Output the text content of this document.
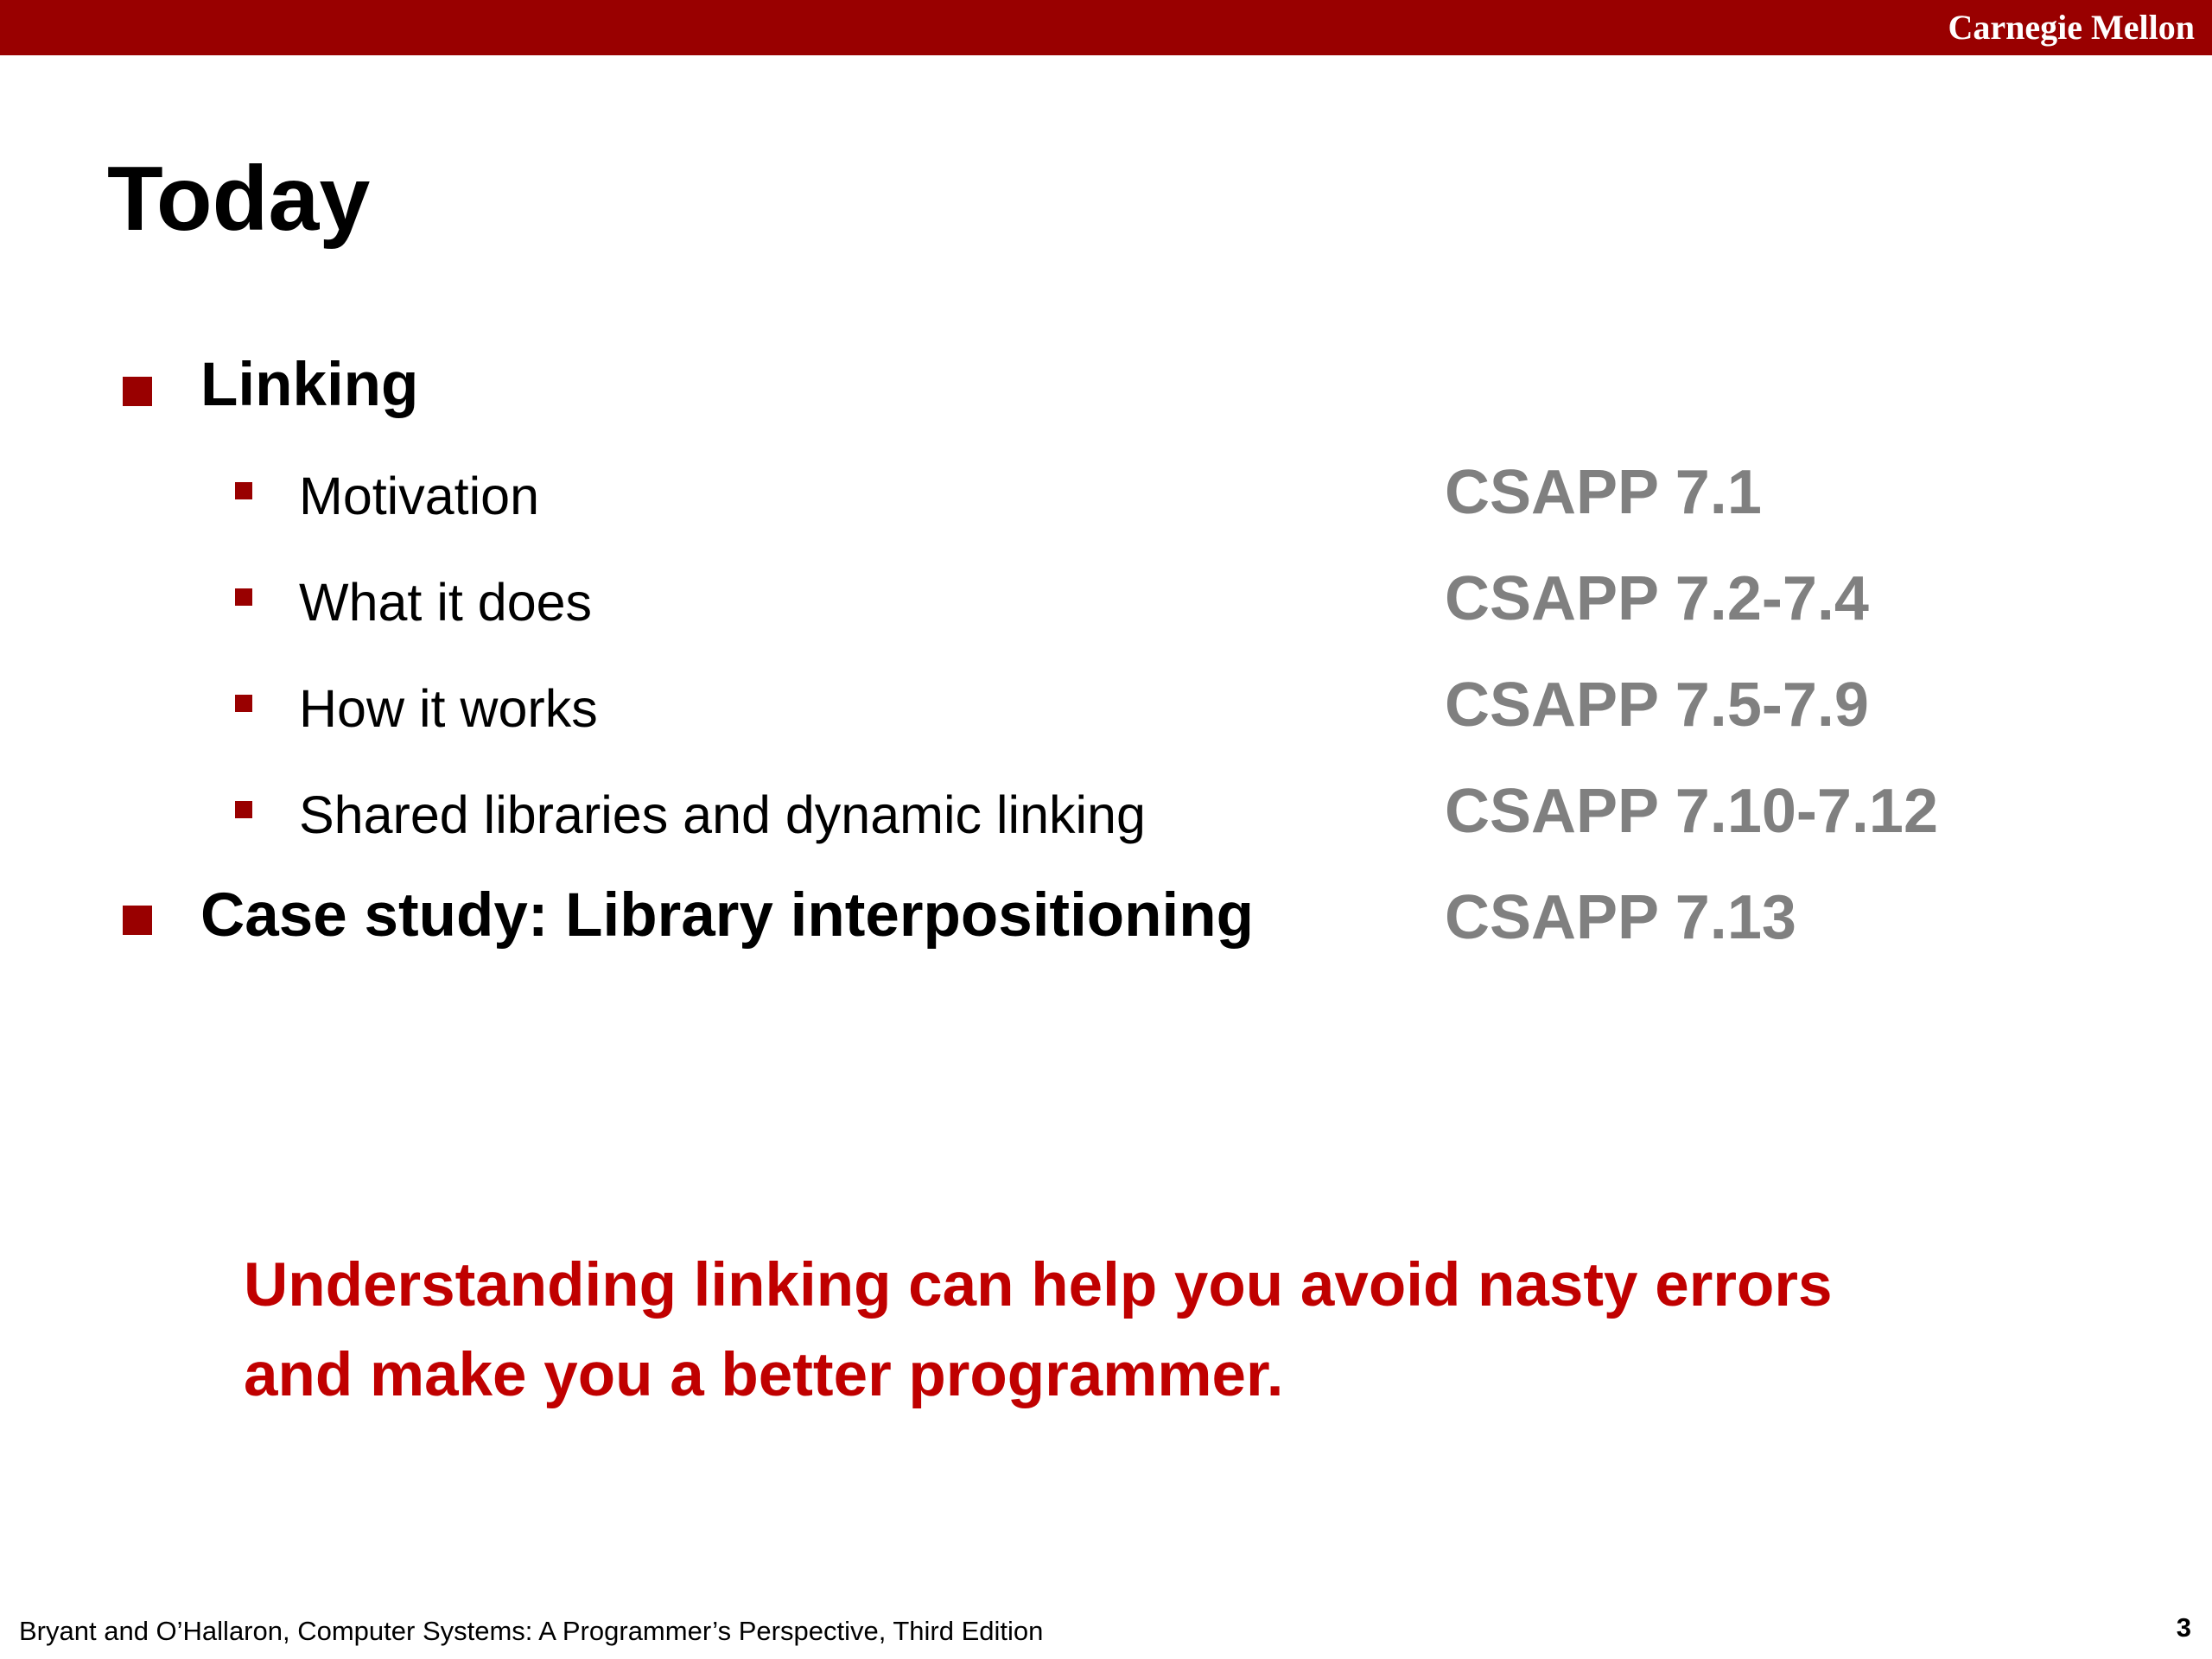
Carnegie Mellon
Today
Linking
Motivation	CSAPP 7.1
What it does	CSAPP 7.2-7.4
How it works	CSAPP 7.5-7.9
Shared libraries and dynamic linking	CSAPP 7.10-7.12
Case study: Library interpositioning	CSAPP 7.13
Understanding linking can help you avoid nasty errors
and make you a better programmer.
Bryant and O’Hallaron, Computer Systems: A Programmer’s Perspective, Third Edition	3
